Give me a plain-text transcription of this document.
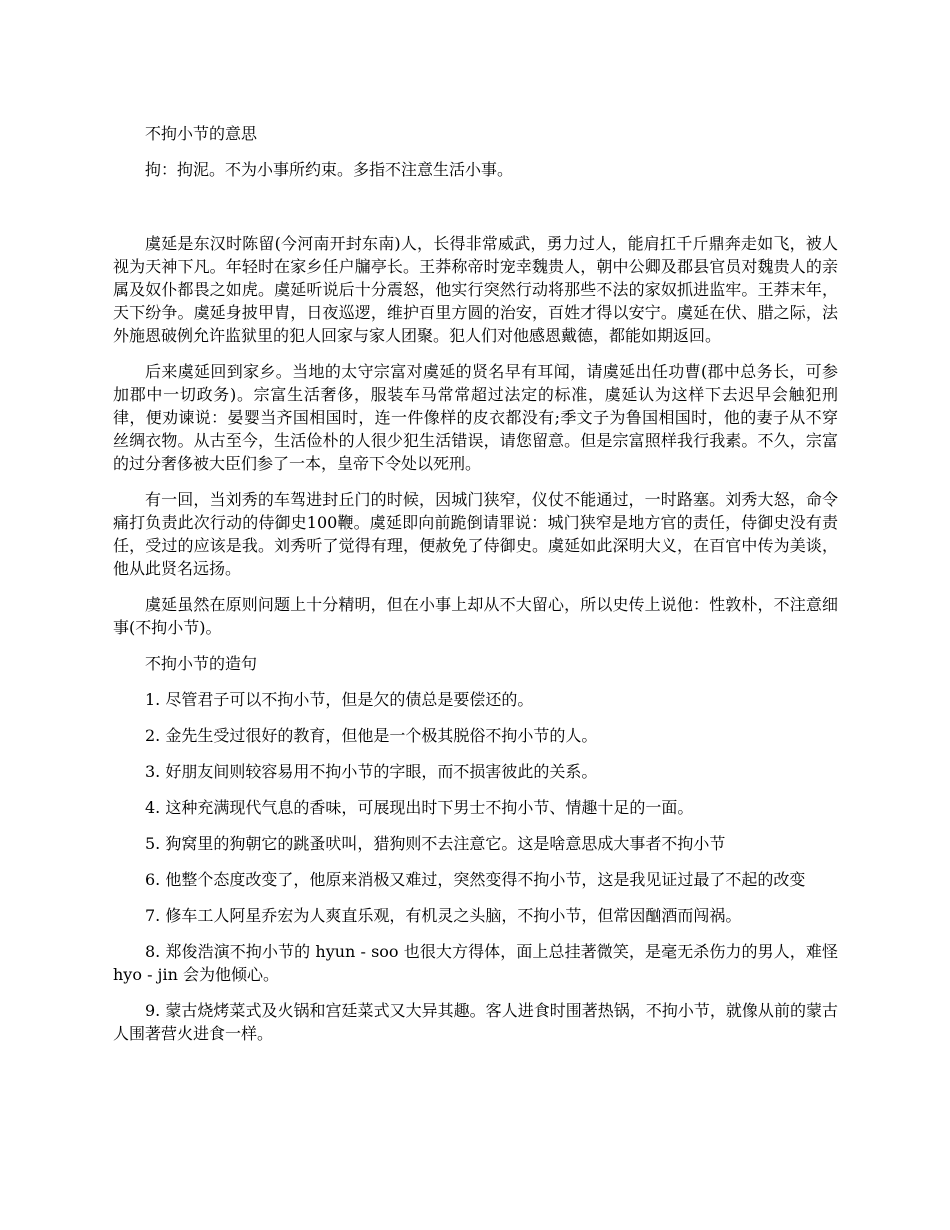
不拘小节的意思

拘：拘泥。不为小事所约束。多指不注意生活小事。

虞延是东汉时陈留(今河南开封东南)人，长得非常威武，勇力过人，能肩扛千斤鼎奔走如飞，被人视为天神下凡。年轻时在家乡任户牖亭长。王莽称帝时宠幸魏贵人，朝中公卿及郡县官员对魏贵人的亲属及奴仆都畏之如虎。虞延听说后十分震怒，他实行突然行动将那些不法的家奴抓进监牢。王莽末年，天下纷争。虞延身披甲胄，日夜巡逻，维护百里方圆的治安，百姓才得以安宁。虞延在伏、腊之际，法外施恩破例允许监狱里的犯人回家与家人团聚。犯人们对他感恩戴德，都能如期返回。

后来虞延回到家乡。当地的太守宗富对虞延的贤名早有耳闻，请虞延出任功曹(郡中总务长，可参加郡中一切政务)。宗富生活奢侈，服装车马常常超过法定的标准，虞延认为这样下去迟早会触犯刑律，便劝谏说：晏婴当齐国相国时，连一件像样的皮衣都没有;季文子为鲁国相国时，他的妻子从不穿丝绸衣物。从古至今，生活俭朴的人很少犯生活错误，请您留意。但是宗富照样我行我素。不久，宗富的过分奢侈被大臣们参了一本，皇帝下令处以死刑。

有一回，当刘秀的车驾进封丘门的时候，因城门狭窄，仪仗不能通过，一时路塞。刘秀大怒，命令痛打负责此次行动的侍御史100鞭。虞延即向前跪倒请罪说：城门狭窄是地方官的责任，侍御史没有责任，受过的应该是我。刘秀听了觉得有理，便赦免了侍御史。虞延如此深明大义，在百官中传为美谈，他从此贤名远扬。

虞延虽然在原则问题上十分精明，但在小事上却从不大留心，所以史传上说他：性敦朴，不注意细事(不拘小节)。

不拘小节的造句

1. 尽管君子可以不拘小节，但是欠的债总是要偿还的。

2. 金先生受过很好的教育，但他是一个极其脱俗不拘小节的人。

3. 好朋友间则较容易用不拘小节的字眼，而不损害彼此的关系。

4. 这种充满现代气息的香味，可展现出时下男士不拘小节、情趣十足的一面。

5. 狗窝里的狗朝它的跳蚤吠叫，猎狗则不去注意它。这是啥意思成大事者不拘小节

6. 他整个态度改变了，他原来消极又难过，突然变得不拘小节，这是我见证过最了不起的改变

7. 修车工人阿星乔宏为人爽直乐观，有机灵之头脑，不拘小节，但常因酗酒而闯祸。

8. 郑俊浩演不拘小节的 hyun - soo 也很大方得体，面上总挂著微笑，是毫无杀伤力的男人，难怪 hyo - jin 会为他倾心。

9. 蒙古烧烤菜式及火锅和宫廷菜式又大异其趣。客人进食时围著热锅，不拘小节，就像从前的蒙古人围著营火进食一样。
